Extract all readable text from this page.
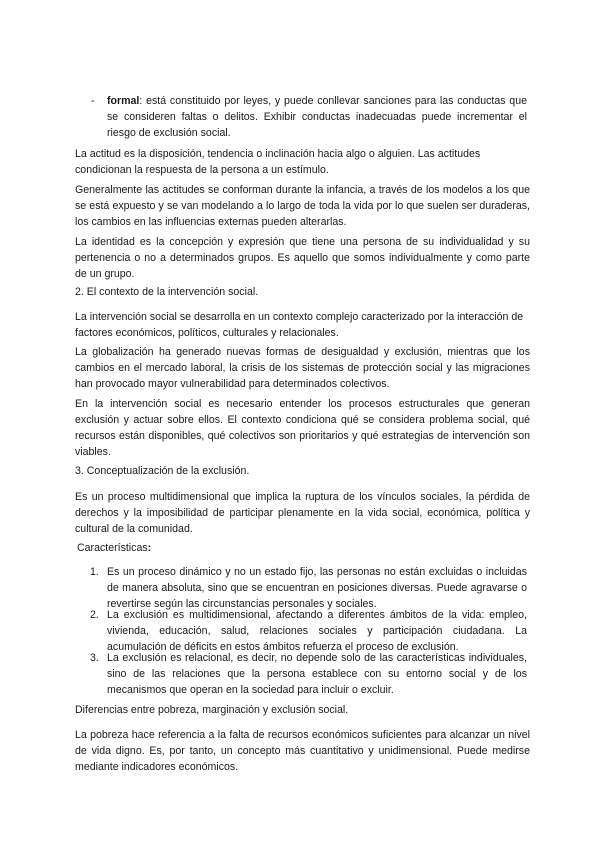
- formal: está constituido por leyes, y puede conllevar sanciones para las conductas que se consideren faltas o delitos. Exhibir conductas inadecuadas puede incrementar el riesgo de exclusión social.

La actitud es la disposición, tendencia o inclinación hacia algo o alguien. Las actitudes condicionan la respuesta de la persona a un estímulo.

Generalmente las actitudes se conforman durante la infancia, a través de los modelos a los que se está expuesto y se van modelando a lo largo de toda la vida por lo que suelen ser duraderas, los cambios en las influencias externas pueden alterarlas.

La identidad es la concepción y expresión que tiene una persona de su individualidad y su pertenencia o no a determinados grupos. Es aquello que somos individualmente y como parte de un grupo.

2. El contexto de la intervención social.

La intervención social se desarrolla en un contexto complejo caracterizado por la interacción de factores económicos, políticos, culturales y relacionales.

La globalización ha generado nuevas formas de desigualdad y exclusión, mientras que los cambios en el mercado laboral, la crisis de los sistemas de protección social y las migraciones han provocado mayor vulnerabilidad para determinados colectivos.

En la intervención social es necesario entender los procesos estructurales que generan exclusión y actuar sobre ellos. El contexto condiciona qué se considera problema social, qué recursos están disponibles, qué colectivos son prioritarios y qué estrategias de intervención son viables.

3. Conceptualización de la exclusión.

Es un proceso multidimensional que implica la ruptura de los vínculos sociales, la pérdida de derechos y la imposibilidad de participar plenamente en la vida social, económica, política y cultural de la comunidad.

Características:

1. Es un proceso dinámico y no un estado fijo, las personas no están excluidas o incluidas de manera absoluta, sino que se encuentran en posiciones diversas. Puede agravarse o revertirse según las circunstancias personales y sociales.

2. La exclusión es multidimensional, afectando a diferentes ámbitos de la vida: empleo, vivienda, educación, salud, relaciones sociales y participación ciudadana. La acumulación de déficits en estos ámbitos refuerza el proceso de exclusión.

3. La exclusión es relacional, es decir, no depende solo de las características individuales, sino de las relaciones que la persona establece con su entorno social y de los mecanismos que operan en la sociedad para incluir o excluir.

Diferencias entre pobreza, marginación y exclusión social.

La pobreza hace referencia a la falta de recursos económicos suficientes para alcanzar un nivel de vida digno. Es, por tanto, un concepto más cuantitativo y unidimensional. Puede medirse mediante indicadores económicos.
